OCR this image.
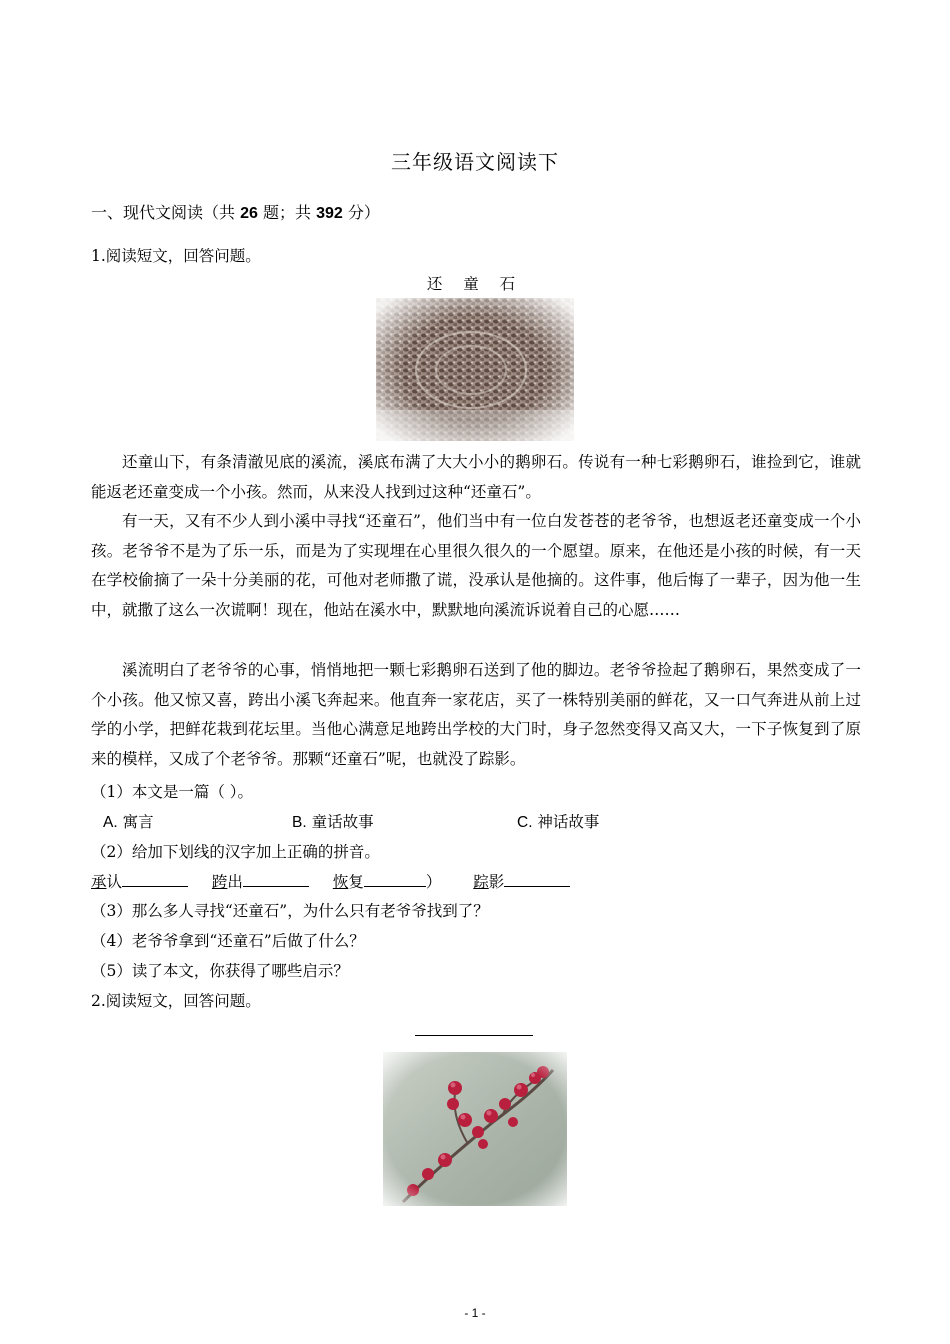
三年级语文阅读下
一、现代文阅读（共 26 题；共 392 分）
1.阅读短文，回答问题。
还 童 石
还童山下，有条清澈见底的溪流，溪底布满了大大小小的鹅卵石。传说有一种七彩鹅卵石，谁捡到它，谁就能返老还童变成一个小孩。然而，从来没人找到过这种“还童石”。
有一天，又有不少人到小溪中寻找“还童石”，他们当中有一位白发苍苍的老爷爷，也想返老还童变成一个小孩。老爷爷不是为了乐一乐，而是为了实现埋在心里很久很久的一个愿望。原来，在他还是小孩的时候，有一天在学校偷摘了一朵十分美丽的花，可他对老师撒了谎，没承认是他摘的。这件事，他后悔了一辈子，因为他一生中，就撒了这么一次谎啊！现在，他站在溪水中，默默地向溪流诉说着自己的心愿……
溪流明白了老爷爷的心事，悄悄地把一颗七彩鹅卵石送到了他的脚边。老爷爷捡起了鹅卵石，果然变成了一个小孩。他又惊又喜，跨出小溪飞奔起来。他直奔一家花店，买了一株特别美丽的鲜花，又一口气奔进从前上过学的小学，把鲜花栽到花坛里。当他心满意足地跨出学校的大门时，身子忽然变得又高又大，一下子恢复到了原来的模样，又成了个老爷爷。那颗“还童石”呢，也就没了踪影。
（1）本文是一篇（ ）。
A. 寓言	B. 童话故事	C. 神话故事
（2）给加下划线的汉字加上正确的拼音。
承认	跨出	恢复	） 踪影
（3）那么多人寻找“还童石”，为什么只有老爷爷找到了？
（4）老爷爷拿到“还童石”后做了什么？
（5）读了本文，你获得了哪些启示？
2.阅读短文，回答问题。
- 1 -
